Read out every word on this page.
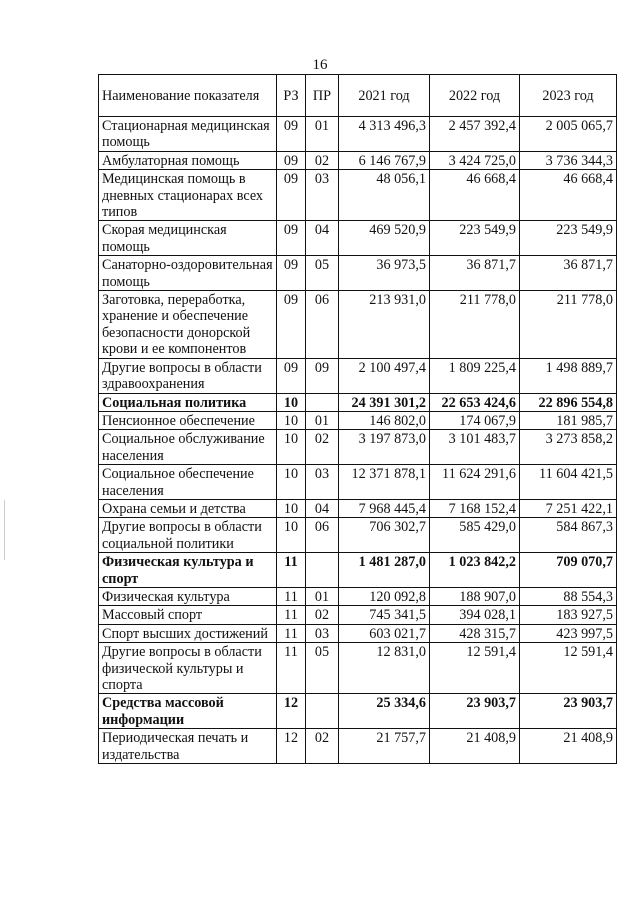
16
Наименование показателя	РЗ	ПР	2021 год	2022 год	2023 год
Стационарная медицинская помощь	09	01	4 313 496,3	2 457 392,4	2 005 065,7
Амбулаторная помощь	09	02	6 146 767,9	3 424 725,0	3 736 344,3
Медицинская помощь в дневных стационарах всех типов	09	03	48 056,1	46 668,4	46 668,4
Скорая медицинская помощь	09	04	469 520,9	223 549,9	223 549,9
Санаторно-оздоровительная помощь	09	05	36 973,5	36 871,7	36 871,7
Заготовка, переработка, хранение и обеспечение безопасности донорской крови и ее компонентов	09	06	213 931,0	211 778,0	211 778,0
Другие вопросы в области здравоохранения	09	09	2 100 497,4	1 809 225,4	1 498 889,7
Социальная политика	10		24 391 301,2	22 653 424,6	22 896 554,8
Пенсионное обеспечение	10	01	146 802,0	174 067,9	181 985,7
Социальное обслуживание населения	10	02	3 197 873,0	3 101 483,7	3 273 858,2
Социальное обеспечение населения	10	03	12 371 878,1	11 624 291,6	11 604 421,5
Охрана семьи и детства	10	04	7 968 445,4	7 168 152,4	7 251 422,1
Другие вопросы в области социальной политики	10	06	706 302,7	585 429,0	584 867,3
Физическая культура и спорт	11		1 481 287,0	1 023 842,2	709 070,7
Физическая культура	11	01	120 092,8	188 907,0	88 554,3
Массовый спорт	11	02	745 341,5	394 028,1	183 927,5
Спорт высших достижений	11	03	603 021,7	428 315,7	423 997,5
Другие вопросы в области физической культуры и спорта	11	05	12 831,0	12 591,4	12 591,4
Средства массовой информации	12		25 334,6	23 903,7	23 903,7
Периодическая печать и издательства	12	02	21 757,7	21 408,9	21 408,9
